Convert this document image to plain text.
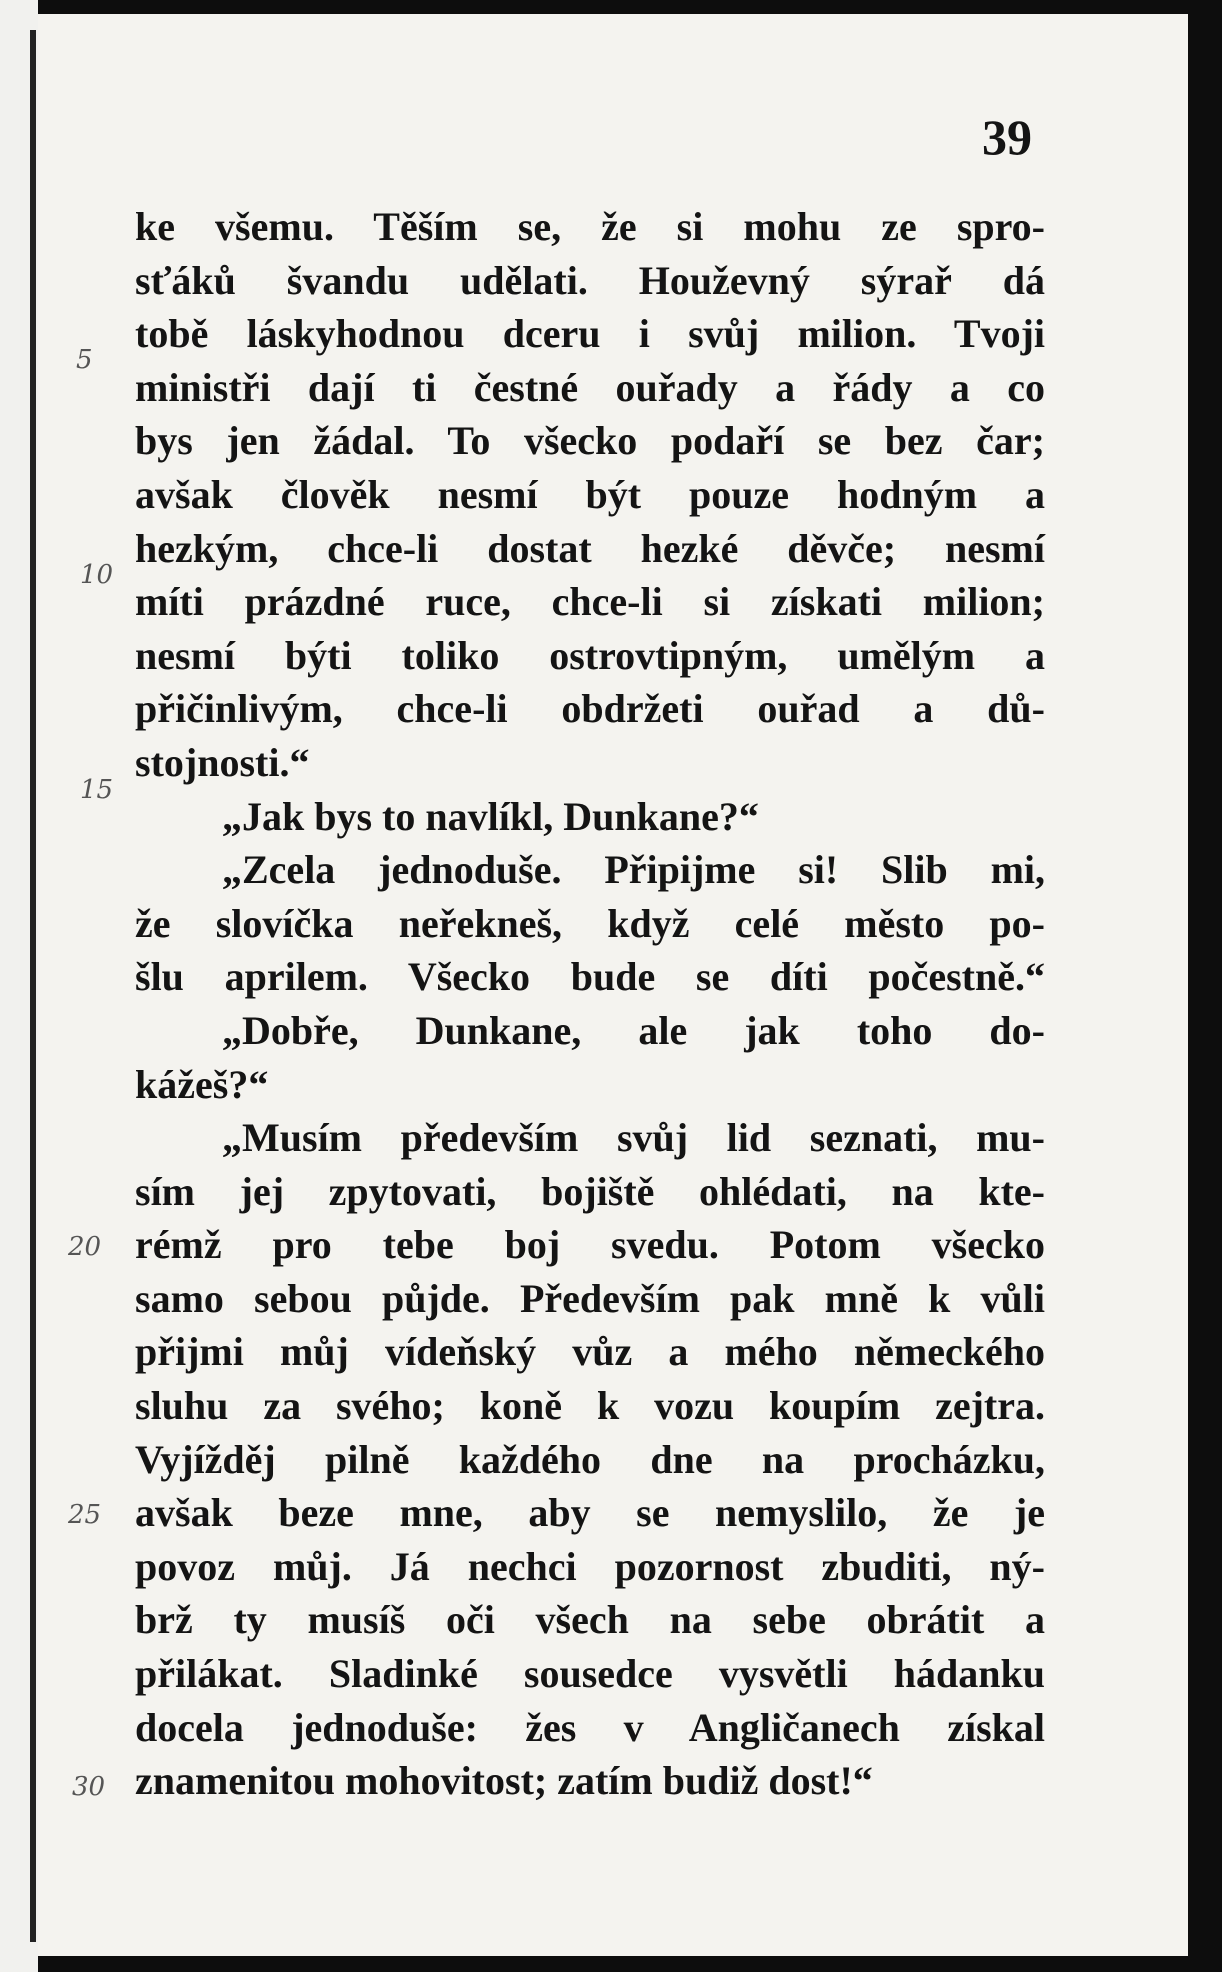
39
5
10
15
20
25
30
ke všemu. Těším se, že si mohu ze spro-
sťáků švandu udělati. Houževný sýrař dá
tobě láskyhodnou dceru i svůj milion. Tvoji
ministři dají ti čestné ouřady a řády a co
bys jen žádal. To všecko podaří se bez čar;
avšak člověk nesmí být pouze hodným a
hezkým, chce-li dostat hezké děvče; nesmí
míti prázdné ruce, chce-li si získati milion;
nesmí býti toliko ostrovtipným, umělým a
přičinlivým, chce-li obdržeti ouřad a dů-
stojnosti.“
„Jak bys to navlíkl, Dunkane?“
„Zcela jednoduše. Připijme si! Slib mi,
že slovíčka neřekneš, když celé město po-
šlu aprilem. Všecko bude se díti počestně.“
„Dobře, Dunkane, ale jak toho do-
kážeš?“
„Musím především svůj lid seznati, mu-
sím jej zpytovati, bojiště ohlédati, na kte-
rémž pro tebe boj svedu. Potom všecko
samo sebou půjde. Především pak mně k vůli
přijmi můj vídeňský vůz a mého německého
sluhu za svého; koně k vozu koupím zejtra.
Vyjížděj pilně každého dne na procházku,
avšak beze mne, aby se nemyslilo, že je
povoz můj. Já nechci pozornost zbuditi, ný-
brž ty musíš oči všech na sebe obrátit a
přilákat. Sladinké sousedce vysvětli hádanku
docela jednoduše: žes v Angličanech získal
znamenitou mohovitost; zatím budiž dost!“
